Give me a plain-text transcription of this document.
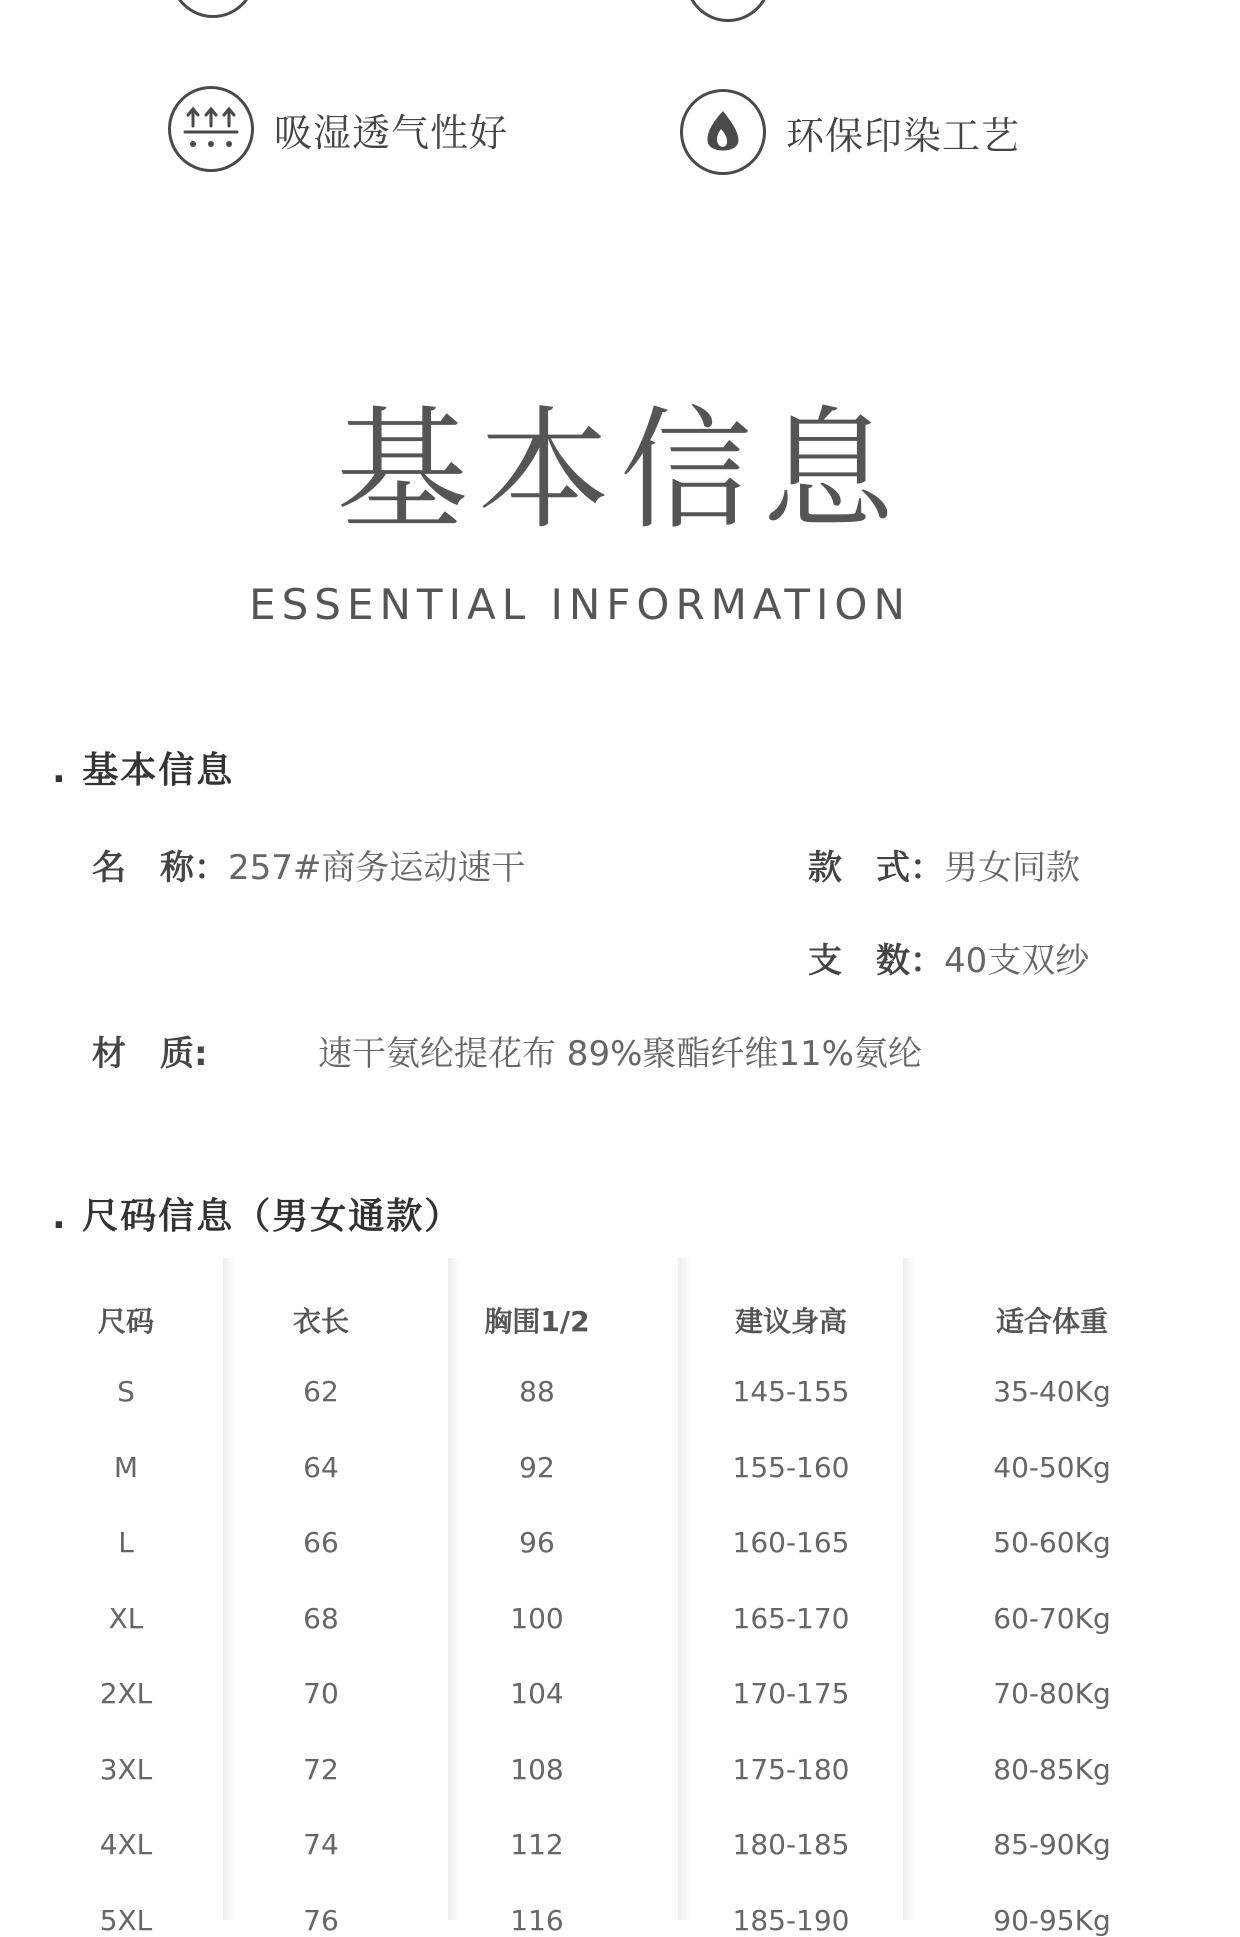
吸湿透气性好	环保印染工艺
基本信息
ESSENTIAL INFORMATION
. 基本信息
名　称：257#商务运动速干	款　式：男女同款
支　数：40支双纱
材　质:	速干氨纶提花布 89%聚酯纤维11%氨纶
. 尺码信息（男女通款）
尺码	衣长	胸围1/2	建议身高	适合体重
S	62	88	145-155	35-40Kg
M	64	92	155-160	40-50Kg
L	66	96	160-165	50-60Kg
XL	68	100	165-170	60-70Kg
2XL	70	104	170-175	70-80Kg
3XL	72	108	175-180	80-85Kg
4XL	74	112	180-185	85-90Kg
5XL	76	116	185-190	90-95Kg
